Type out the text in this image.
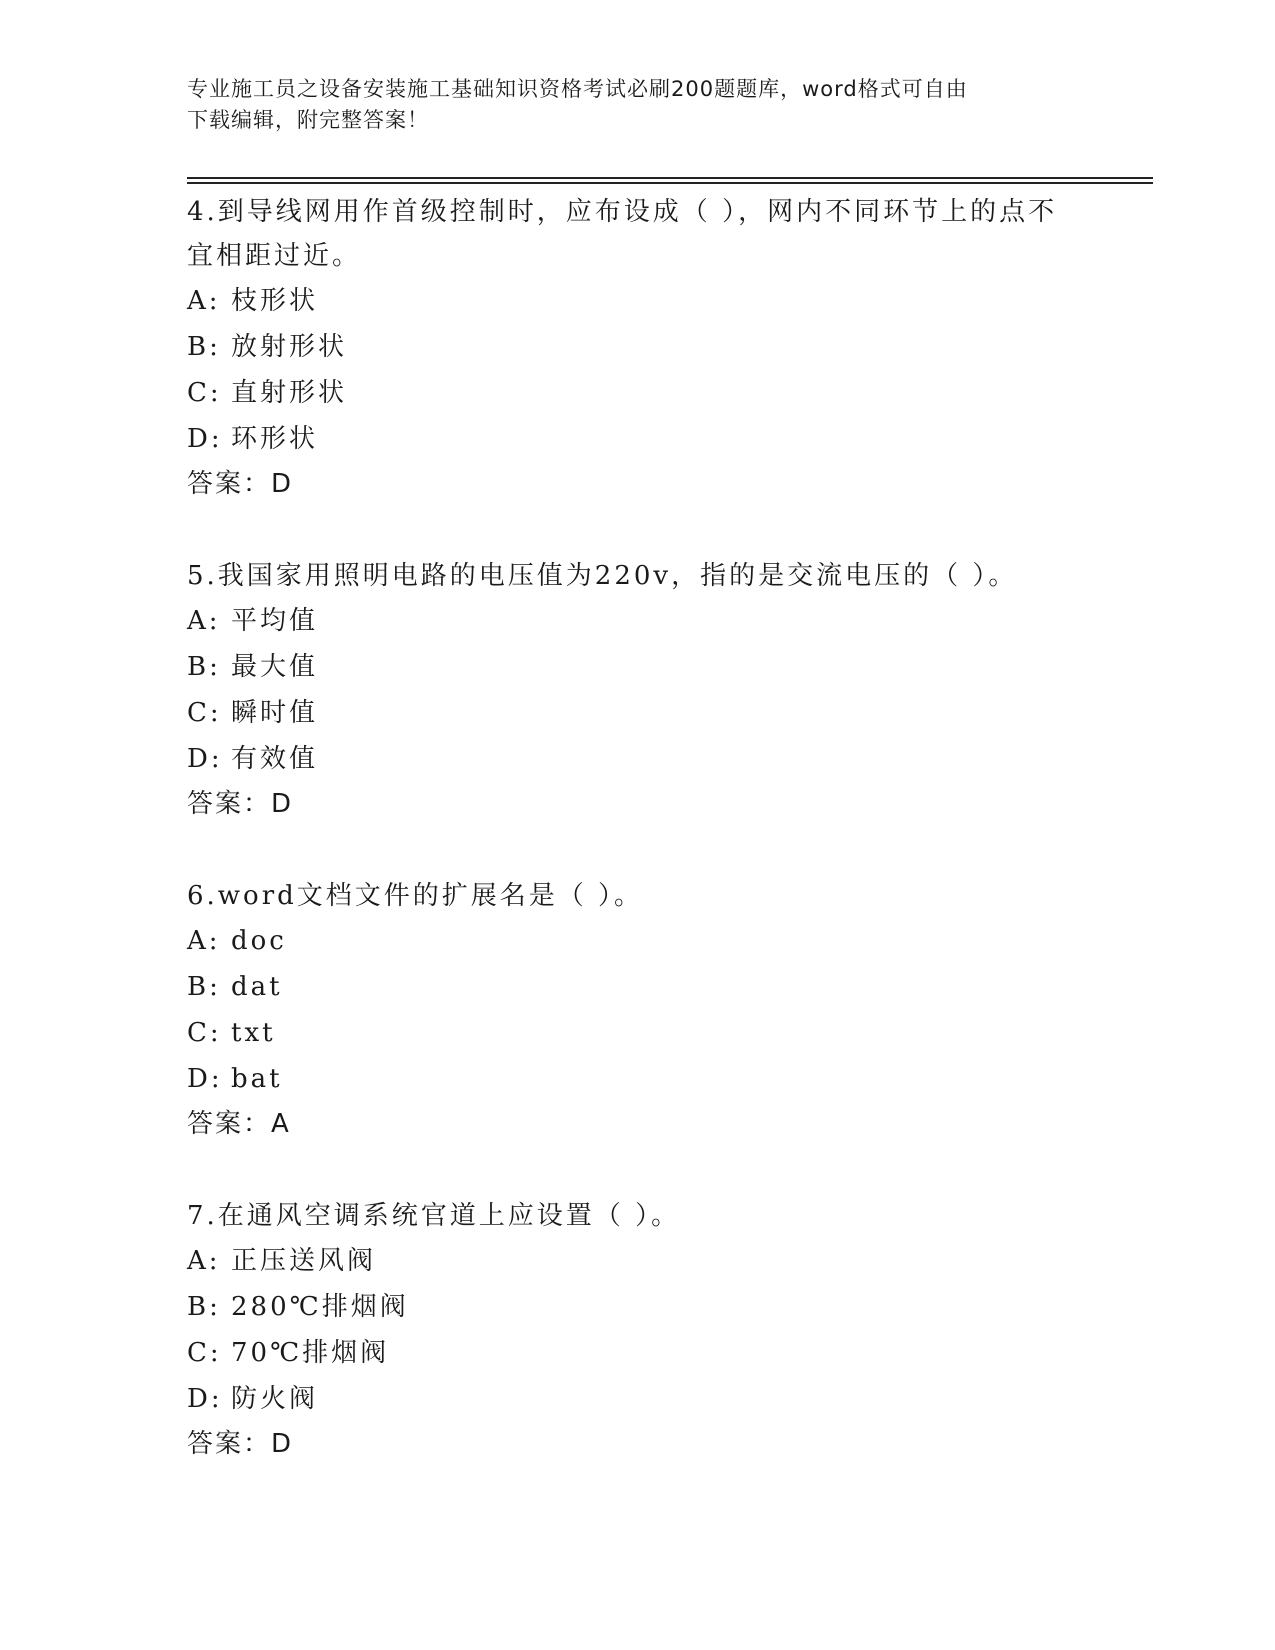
专业施工员之设备安装施工基础知识资格考试必刷200题题库，word格式可自由
下载编辑，附完整答案！

4.到导线网用作首级控制时，应布设成（ ），网内不同环节上的点不宜相距过近。

A: 枝形状
B: 放射形状
C: 直射形状
D: 环形状

答案：D

5.我国家用照明电路的电压值为220v，指的是交流电压的（ ）。

A: 平均值
B: 最大值
C: 瞬时值
D: 有效值

答案：D

6.word文档文件的扩展名是（ ）。

A: doc
B: dat
C: txt
D: bat

答案：A

7.在通风空调系统官道上应设置（ ）。

A: 正压送风阀
B: 280℃排烟阀
C: 70℃排烟阀
D: 防火阀

答案：D
